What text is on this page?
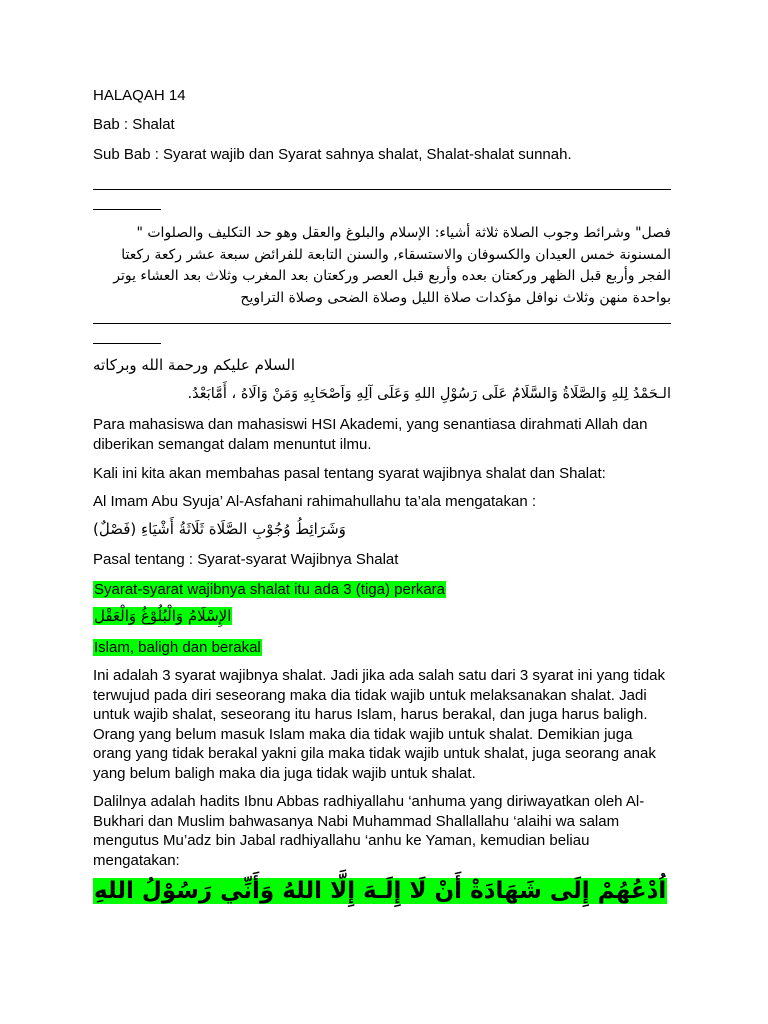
HALAQAH 14
Bab : Shalat
Sub Bab : Syarat wajib dan Syarat sahnya shalat, Shalat-shalat sunnah.
فصل" وشرائط وجوب الصلاة ثلاثة أشياء: الإسلام والبلوغ والعقل وهو حد التكليف والصلوات " المسنونة خمس العيدان والكسوفان والاستسقاء, والسنن التابعة للفرائض سبعة عشر ركعة ركعتا الفجر وأربع قبل الظهر وركعتان بعده وأربع قبل العصر وركعتان بعد المغرب وثلاث بعد العشاء يوتر بواحدة منهن وثلاث نوافل مؤكدات صلاة الليل وصلاة الضحى وصلاة التراويح
السلام عليكم ورحمة الله وبركاته
الـحَمْدُ لِلهِ وَالصَّلَاةُ وَالسَّلَامُ عَلَى رَسُوْلِ اللهِ وَعَلَى آلِهِ وَاَصْحَابِهِ وَمَنْ وَالَاهُ ، أَمَّابَعْدُ.
Para mahasiswa dan mahasiswi HSI Akademi, yang senantiasa dirahmati Allah dan diberikan semangat dalam menuntut ilmu.
Kali ini kita akan membahas pasal tentang syarat wajibnya shalat dan Shalat:
Al Imam Abu Syuja’ Al-Asfahani rahimahullahu ta’ala mengatakan :
وَشَرَائِطُ وُجُوْبِ الصَّلَاة ثَلَاثَةُ أَشْيَاءِ (فَصْلٌ)
Pasal tentang : Syarat-syarat Wajibnya Shalat
Syarat-syarat wajibnya shalat itu ada 3 (tiga) perkara
الإِسْلَامُ وَالْبُلُوْغُ وَالْعَقْل
Islam, baligh dan berakal
Ini adalah 3 syarat wajibnya shalat. Jadi jika ada salah satu dari 3 syarat ini yang tidak terwujud pada diri seseorang maka dia tidak wajib untuk melaksanakan shalat. Jadi untuk wajib shalat, seseorang itu harus Islam, harus berakal, dan juga harus baligh. Orang yang belum masuk Islam maka dia tidak wajib untuk shalat. Demikian juga orang yang tidak berakal yakni gila maka tidak wajib untuk shalat, juga seorang anak yang belum baligh maka dia juga tidak wajib untuk shalat.
Dalilnya adalah hadits Ibnu Abbas radhiyallahu ‘anhuma yang diriwayatkan oleh Al-Bukhari dan Muslim bahwasanya Nabi Muhammad Shallallahu ‘alaihi wa salam mengutus Mu’adz bin Jabal radhiyallahu ‘anhu ke Yaman, kemudian beliau mengatakan:
اُدْعُهُمْ إِلَى شَهَادَةْ أَنْ لَا إِلَـهَ إِلَّا اللهُ وَأَنِّي رَسُوْلُ اللهِ
